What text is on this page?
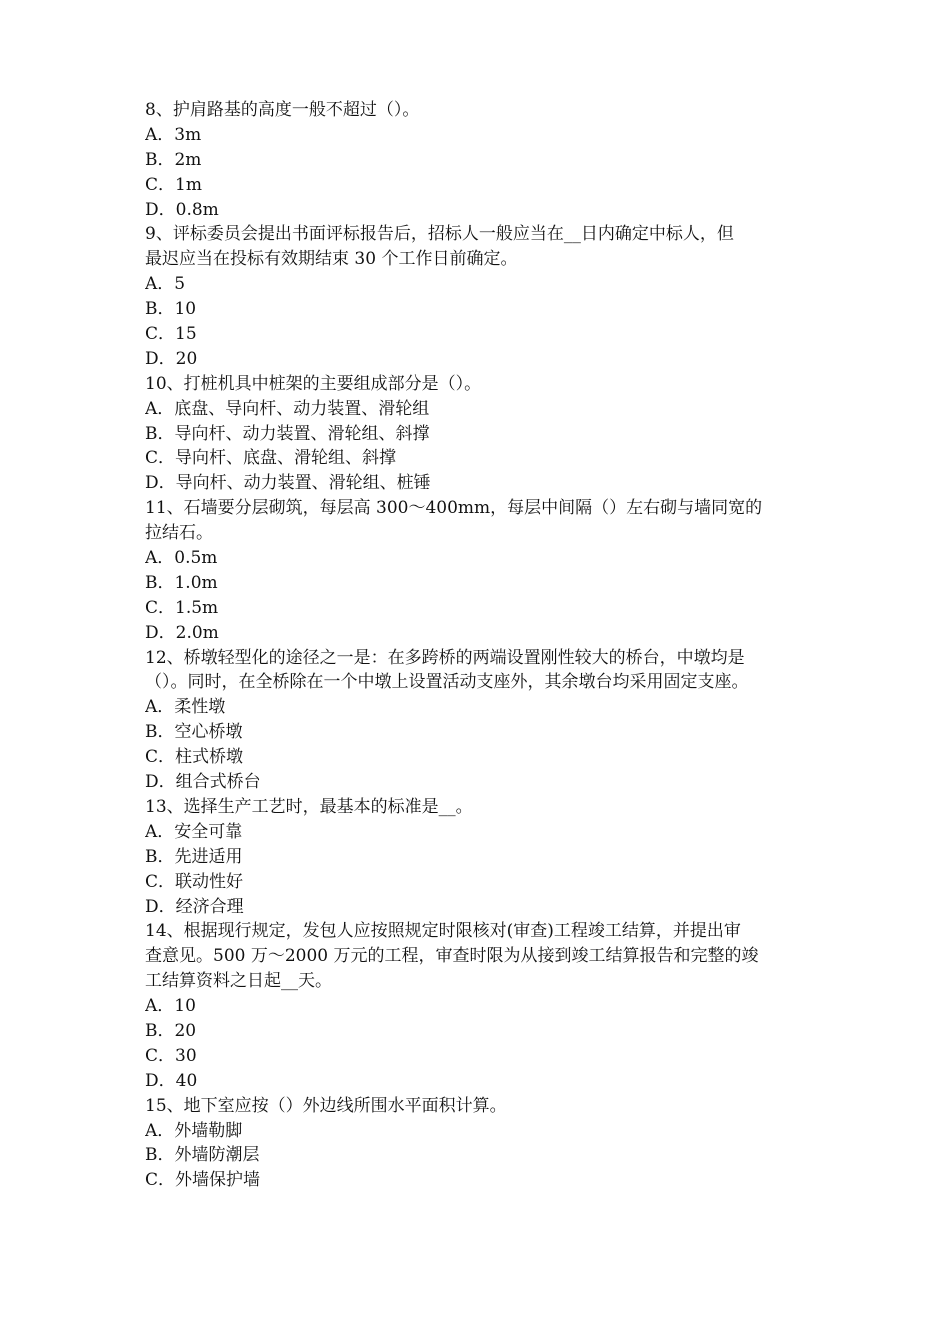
8、护肩路基的高度一般不超过（）。
A．3m
B．2m
C．1m
D．0.8m
9、评标委员会提出书面评标报告后，招标人一般应当在__日内确定中标人，但
最迟应当在投标有效期结束 30 个工作日前确定。
A．5
B．10
C．15
D．20
10、打桩机具中桩架的主要组成部分是（）。
A．底盘、导向杆、动力装置、滑轮组
B．导向杆、动力装置、滑轮组、斜撑
C．导向杆、底盘、滑轮组、斜撑
D．导向杆、动力装置、滑轮组、桩锤
11、石墙要分层砌筑，每层高 300～400mm，每层中间隔（）左右砌与墙同宽的
拉结石。
A．0.5m
B．1.0m
C．1.5m
D．2.0m
12、桥墩轻型化的途径之一是：在多跨桥的两端设置刚性较大的桥台，中墩均是
（）。同时，在全桥除在一个中墩上设置活动支座外，其余墩台均采用固定支座。
A．柔性墩
B．空心桥墩
C．柱式桥墩
D．组合式桥台
13、选择生产工艺时，最基本的标准是__。
A．安全可靠
B．先进适用
C．联动性好
D．经济合理
14、根据现行规定，发包人应按照规定时限核对(审查)工程竣工结算，并提出审
查意见。500 万～2000 万元的工程，审查时限为从接到竣工结算报告和完整的竣
工结算资料之日起__天。
A．10
B．20
C．30
D．40
15、地下室应按（）外边线所围水平面积计算。
A．外墙勒脚
B．外墙防潮层
C．外墙保护墙
